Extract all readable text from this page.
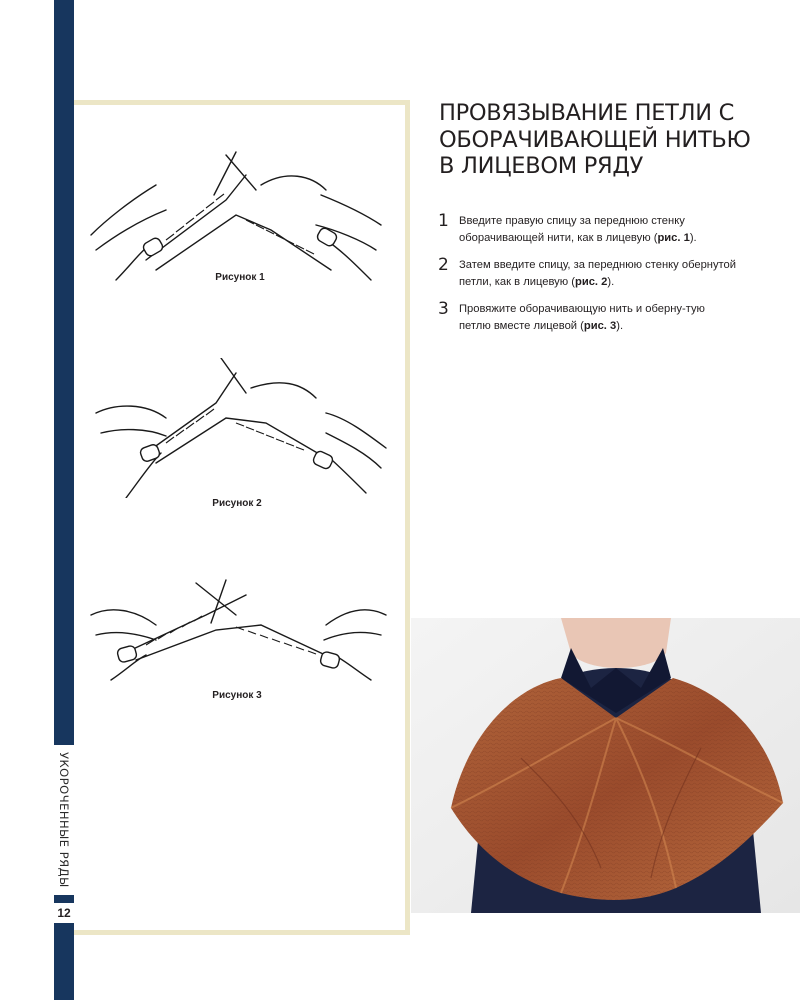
УКОРОЧЕННЫЕ РЯДЫ
12
Рисунок 1
Рисунок 2
Рисунок 3
ПРОВЯЗЫВАНИЕ ПЕТЛИ С ОБОРАЧИВАЮЩЕЙ НИТЬЮ В ЛИЦЕВОМ РЯДУ
1 Введите правую спицу за переднюю стенку оборачивающей нити, как в лицевую (рис. 1).
2 Затем введите спицу, за переднюю стенку обернутой петли, как в лицевую (рис. 2).
3 Провяжите оборачивающую нить и оберну-тую петлю вместе лицевой (рис. 3).
